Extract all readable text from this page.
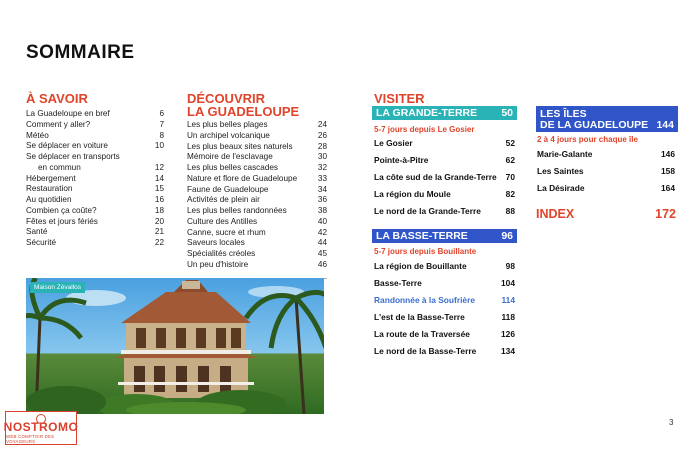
SOMMAIRE
À SAVOIR
La Guadeloupe en bref	6
Comment y aller?	7
Météo	8
Se déplacer en voiture	10
Se déplacer en transports
en commun	12
Hébergement	14
Restauration	15
Au quotidien	16
Combien ça coûte?	18
Fêtes et jours fériés	20
Santé	21
Sécurité	22
DÉCOUVRIR
LA GUADELOUPE
Les plus belles plages	24
Un archipel volcanique	26
Les plus beaux sites naturels	28
Mémoire de l'esclavage	30
Les plus belles cascades	32
Nature et flore de Guadeloupe	33
Faune de Guadeloupe	34
Activités de plein air	36
Les plus belles randonnées	38
Culture des Antilles	40
Canne, sucre et rhum	42
Saveurs locales	44
Spécialités créoles	45
Un peu d'histoire	46
VISITER
LA GRANDE-TERRE 50
5-7 jours depuis Le Gosier
Le Gosier	52
Pointe-à-Pitre	62
La côte sud de la Grande-Terre 70
La région du Moule	82
Le nord de la Grande-Terre	88
LA BASSE-TERRE	96
5-7 jours depuis Bouillante
La région de Bouillante	98
Basse-Terre	104
Randonnée à la Soufrière	114
L'est de la Basse-Terre	118
La route de la Traversée	126
Le nord de la Basse-Terre	134
LES ÎLES
DE LA GUADELOUPE 144
2 à 4 jours pour chaque île
Marie-Galante	146
Les Saintes	158
La Désirade	164
INDEX	172
Maison Zévallos
NOSTROMO
WEB COMPTOIR DES VOYAGEURS
3
